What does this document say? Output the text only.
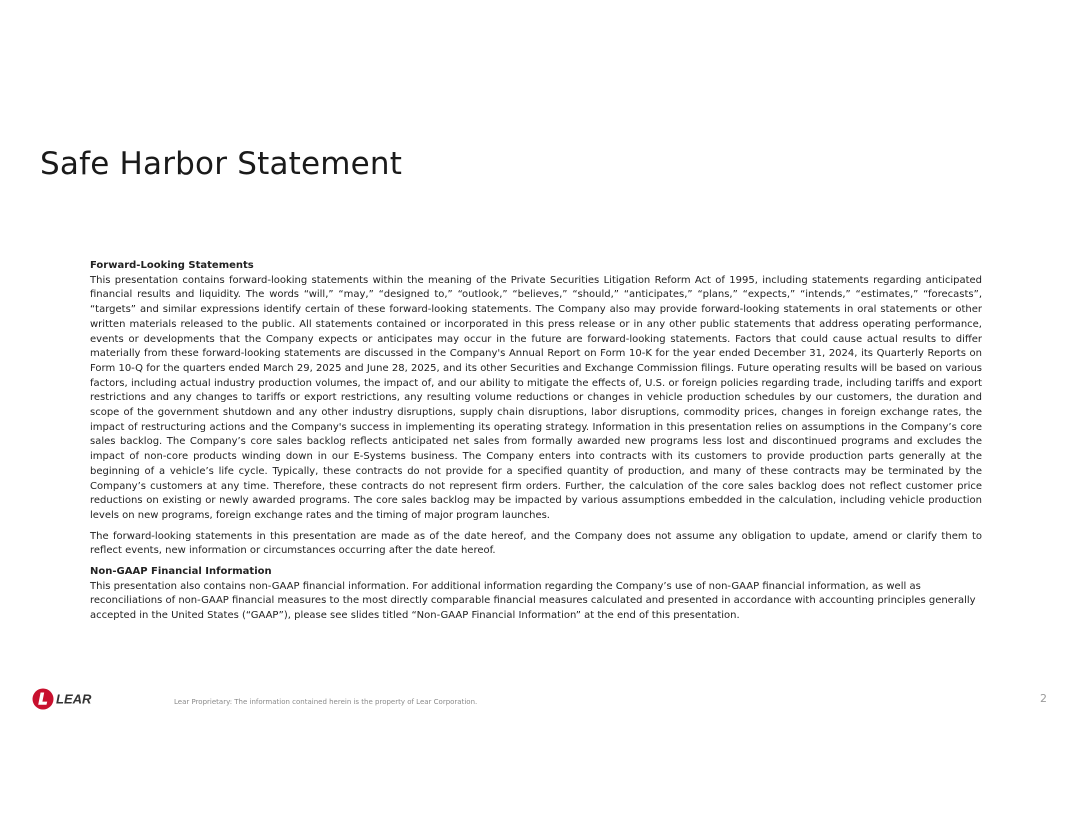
Safe Harbor Statement

Forward-Looking Statements

This presentation contains forward-looking statements within the meaning of the Private Securities Litigation Reform Act of 1995, including statements regarding anticipated financial results and liquidity. The words “will,” “may,” “designed to,” “outlook,” “believes,” “should,” “anticipates,” “plans,” “expects,” “intends,” “estimates,” “forecasts”, “targets” and similar expressions identify certain of these forward-looking statements. The Company also may provide forward-looking statements in oral statements or other written materials released to the public. All statements contained or incorporated in this press release or in any other public statements that address operating performance, events or developments that the Company expects or anticipates may occur in the future are forward-looking statements. Factors that could cause actual results to differ materially from these forward-looking statements are discussed in the Company's Annual Report on Form 10-K for the year ended December 31, 2024, its Quarterly Reports on Form 10-Q for the quarters ended March 29, 2025 and June 28, 2025, and its other Securities and Exchange Commission filings. Future operating results will be based on various factors, including actual industry production volumes, the impact of, and our ability to mitigate the effects of, U.S. or foreign policies regarding trade, including tariffs and export restrictions and any changes to tariffs or export restrictions, any resulting volume reductions or changes in vehicle production schedules by our customers, the duration and scope of the government shutdown and any other industry disruptions, supply chain disruptions, labor disruptions, commodity prices, changes in foreign exchange rates, the impact of restructuring actions and the Company's success in implementing its operating strategy. Information in this presentation relies on assumptions in the Company’s core sales backlog. The Company’s core sales backlog reflects anticipated net sales from formally awarded new programs less lost and discontinued programs and excludes the impact of non-core products winding down in our E-Systems business. The Company enters into contracts with its customers to provide production parts generally at the beginning of a vehicle’s life cycle. Typically, these contracts do not provide for a specified quantity of production, and many of these contracts may be terminated by the Company’s customers at any time. Therefore, these contracts do not represent firm orders. Further, the calculation of the core sales backlog does not reflect customer price reductions on existing or newly awarded programs. The core sales backlog may be impacted by various assumptions embedded in the calculation, including vehicle production levels on new programs, foreign exchange rates and the timing of major program launches.

The forward-looking statements in this presentation are made as of the date hereof, and the Company does not assume any obligation to update, amend or clarify them to reflect events, new information or circumstances occurring after the date hereof.

Non-GAAP Financial Information

This presentation also contains non-GAAP financial information. For additional information regarding the Company’s use of non-GAAP financial information, as well as reconciliations of non-GAAP financial measures to the most directly comparable financial measures calculated and presented in accordance with accounting principles generally accepted in the United States (“GAAP”), please see slides titled “Non-GAAP Financial Information” at the end of this presentation.

LEAR	Lear Proprietary: The information contained herein is the property of Lear Corporation.	2
